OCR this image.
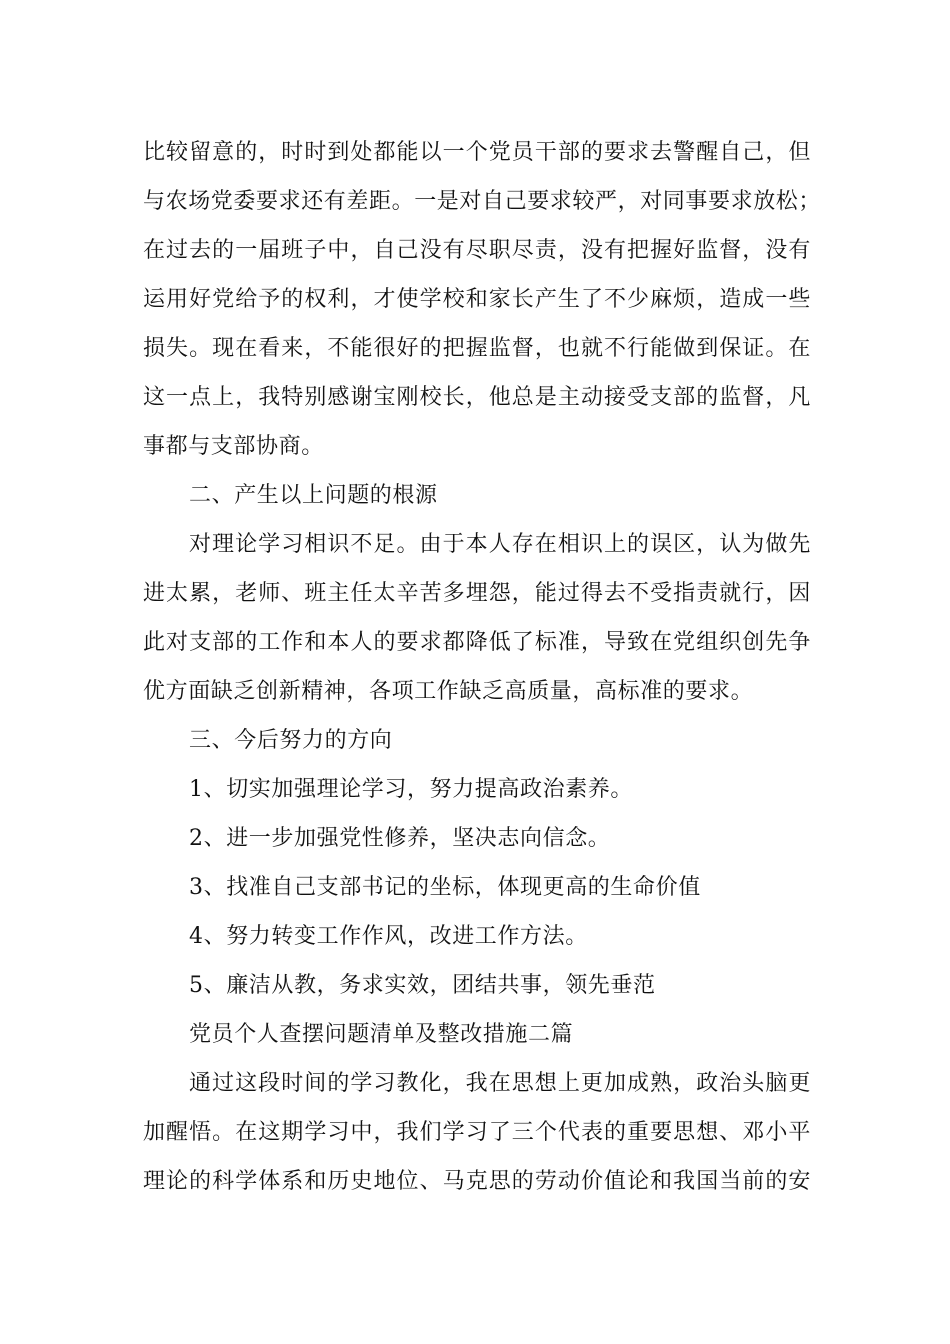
比较留意的，时时到处都能以一个党员干部的要求去警醒自己，但
与农场党委要求还有差距。一是对自己要求较严，对同事要求放松；
在过去的一届班子中，自己没有尽职尽责，没有把握好监督，没有
运用好党给予的权利，才使学校和家长产生了不少麻烦，造成一些
损失。现在看来，不能很好的把握监督，也就不行能做到保证。在
这一点上，我特别感谢宝刚校长，他总是主动接受支部的监督，凡
事都与支部协商。
二、产生以上问题的根源
对理论学习相识不足。由于本人存在相识上的误区，认为做先
进太累，老师、班主任太辛苦多埋怨，能过得去不受指责就行，因
此对支部的工作和本人的要求都降低了标准，导致在党组织创先争
优方面缺乏创新精神，各项工作缺乏高质量，高标准的要求。
三、今后努力的方向
1、切实加强理论学习，努力提高政治素养。
2、进一步加强党性修养，坚决志向信念。
3、找准自己支部书记的坐标，体现更高的生命价值
4、努力转变工作作风，改进工作方法。
5、廉洁从教，务求实效，团结共事，领先垂范
党员个人查摆问题清单及整改措施二篇
通过这段时间的学习教化，我在思想上更加成熟，政治头脑更
加醒悟。在这期学习中，我们学习了三个代表的重要思想、邓小平
理论的科学体系和历史地位、马克思的劳动价值论和我国当前的安
